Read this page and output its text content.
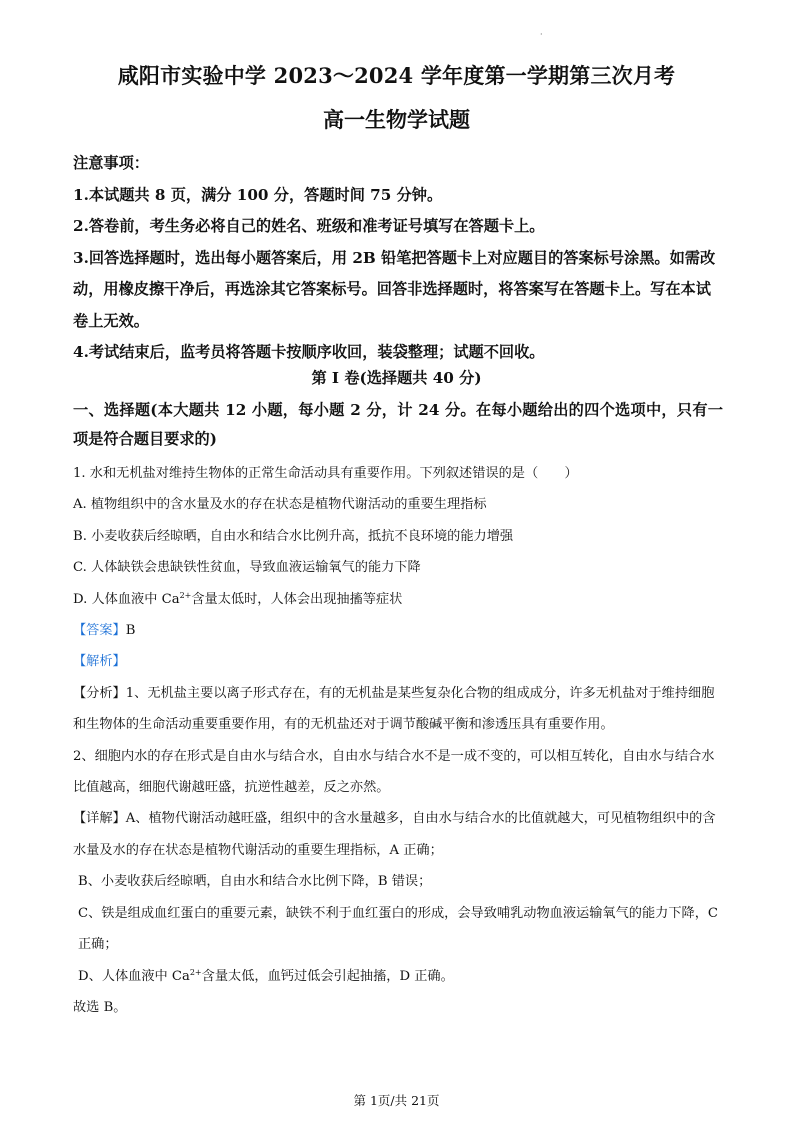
·
咸阳市实验中学 2023～2024 学年度第一学期第三次月考
高一生物学试题

注意事项：

1.本试题共 8 页，满分 100 分，答题时间 75 分钟。

2.答卷前，考生务必将自己的姓名、班级和准考证号填写在答题卡上。

3.回答选择题时，选出每小题答案后，用 2B 铅笔把答题卡上对应题目的答案标号涂黑。如需改动，用橡皮擦干净后，再选涂其它答案标号。回答非选择题时，将答案写在答题卡上。写在本试卷上无效。

4.考试结束后，监考员将答题卡按顺序收回，装袋整理；试题不回收。

第 I 卷(选择题共 40 分)
一、选择题(本大题共 12 小题，每小题 2 分，计 24 分。在每小题给出的四个选项中，只有一项是符合题目要求的)

1. 水和无机盐对维持生物体的正常生命活动具有重要作用。下列叙述错误的是（　　）

A. 植物组织中的含水量及水的存在状态是植物代谢活动的重要生理指标

B. 小麦收获后经晾晒，自由水和结合水比例升高，抵抗不良环境的能力增强

C. 人体缺铁会患缺铁性贫血，导致血液运输氧气的能力下降

D. 人体血液中 $Ca^{2+}$含量太低时，人体会出现抽搐等症状

【答案】B

【解析】

【分析】1、无机盐主要以离子形式存在，有的无机盐是某些复杂化合物的组成成分，许多无机盐对于维持细胞和生物体的生命活动重要重要作用，有的无机盐还对于调节酸碱平衡和渗透压具有重要作用。

2、细胞内水的存在形式是自由水与结合水，自由水与结合水不是一成不变的，可以相互转化，自由水与结合水比值越高，细胞代谢越旺盛，抗逆性越差，反之亦然。

【详解】A、植物代谢活动越旺盛，组织中的含水量越多，自由水与结合水的比值就越大，可见植物组织中的含水量及水的存在状态是植物代谢活动的重要生理指标，A 正确；

B、小麦收获后经晾晒，自由水和结合水比例下降，B 错误；

C、铁是组成血红蛋白的重要元素，缺铁不利于血红蛋白的形成，会导致哺乳动物血液运输氧气的能力下降，C 正确；

D、人体血液中 $Ca^{2+}$含量太低，血钙过低会引起抽搐，D 正确。

故选 B。

第 1页/共 21页
